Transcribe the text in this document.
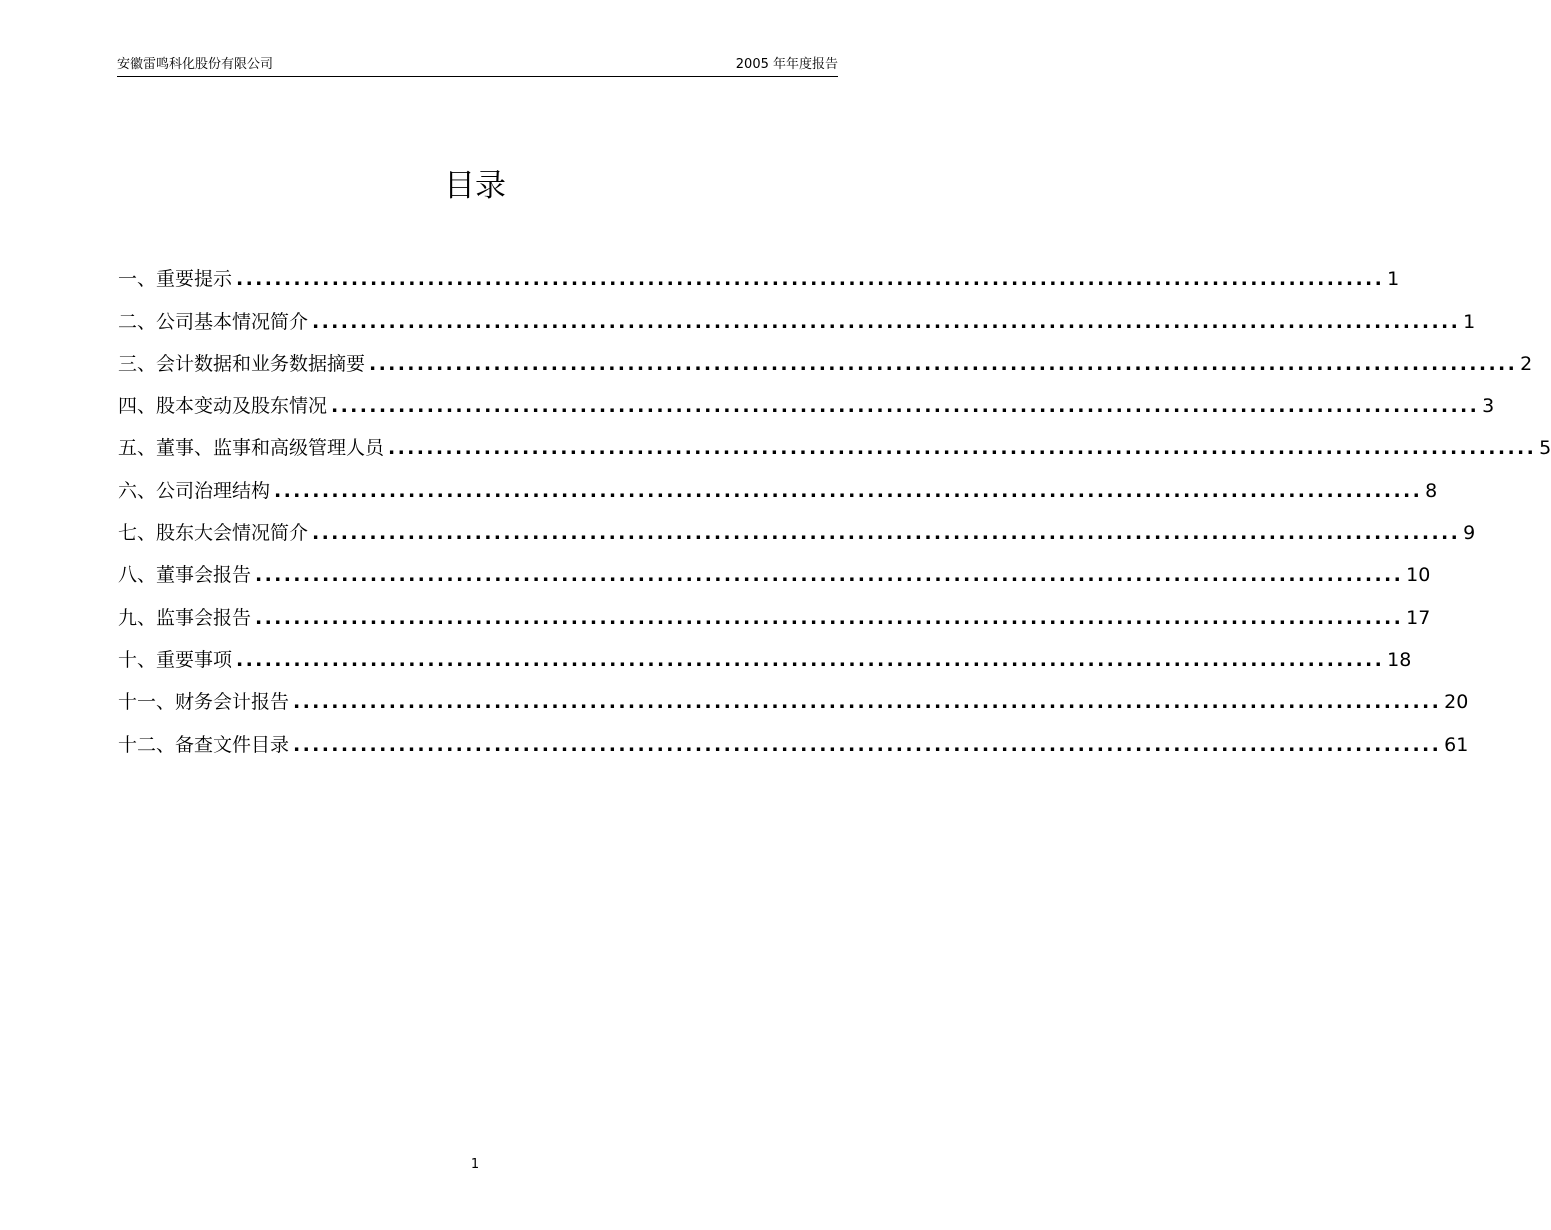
安徽雷鸣科化股份有限公司	2005 年年度报告
目录
一、重要提示 ........................................................................................................................ 1
二、公司基本情况简介 ........................................................................................................................ 1
三、会计数据和业务数据摘要 ........................................................................................................................ 2
四、股本变动及股东情况 ........................................................................................................................ 3
五、董事、监事和高级管理人员 ........................................................................................................................ 5
六、公司治理结构 ........................................................................................................................ 8
七、股东大会情况简介 ........................................................................................................................ 9
八、董事会报告 ........................................................................................................................ 10
九、监事会报告 ........................................................................................................................ 17
十、重要事项 ........................................................................................................................ 18
十一、财务会计报告 ........................................................................................................................ 20
十二、备查文件目录 ........................................................................................................................ 61
1
